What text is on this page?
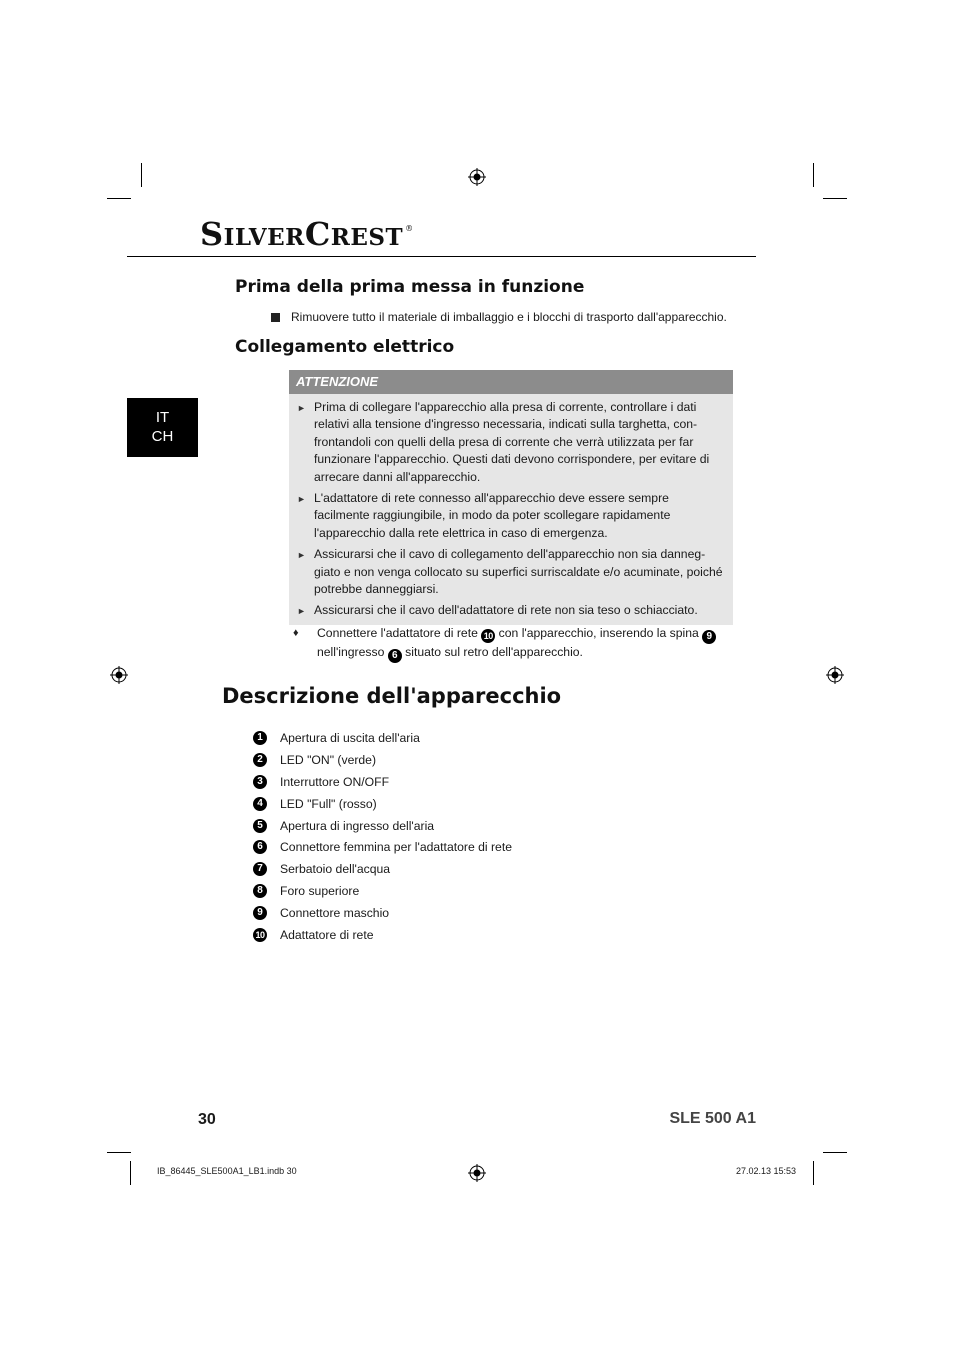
SILVERCREST ®
Prima della prima messa in funzione
Rimuovere tutto il materiale di imballaggio e i blocchi di trasporto dall'apparecchio.
Collegamento elettrico
IT
CH
ATTENZIONE
► Prima di collegare l'apparecchio alla presa di corrente, controllare i dati relativi alla tensione d'ingresso necessaria, indicati sulla targhetta, con-frontandoli con quelli della presa di corrente che verrà utilizzata per far funzionare l'apparecchio. Questi dati devono corrispondere, per evitare di arrecare danni all'apparecchio.
► L'adattatore di rete connesso all'apparecchio deve essere sempre facilmente raggiungibile, in modo da poter scollegare rapidamente l'apparecchio dalla rete elettrica in caso di emergenza.
► Assicurarsi che il cavo di collegamento dell'apparecchio non sia danneg-giato e non venga collocato su superfici surriscaldate e/o acuminate, poiché potrebbe danneggiarsi.
► Assicurarsi che il cavo dell'adattatore di rete non sia teso o schiacciato.
♦	Connettere l'adattatore di rete 10 con l'apparecchio, inserendo la spina 9 nell'ingresso 6 situato sul retro dell'apparecchio.
Descrizione dell'apparecchio
1	Apertura di uscita dell'aria
2	LED "ON" (verde)
3	Interruttore ON/OFF
4	LED "Full" (rosso)
5	Apertura di ingresso dell'aria
6	Connettore femmina per l'adattatore di rete
7	Serbatoio dell'acqua
8	Foro superiore
9	Connettore maschio
10 Adattatore di rete
30	SLE 500 A1
IB_86445_SLE500A1_LB1.indb 30	27.02.13 15:53
